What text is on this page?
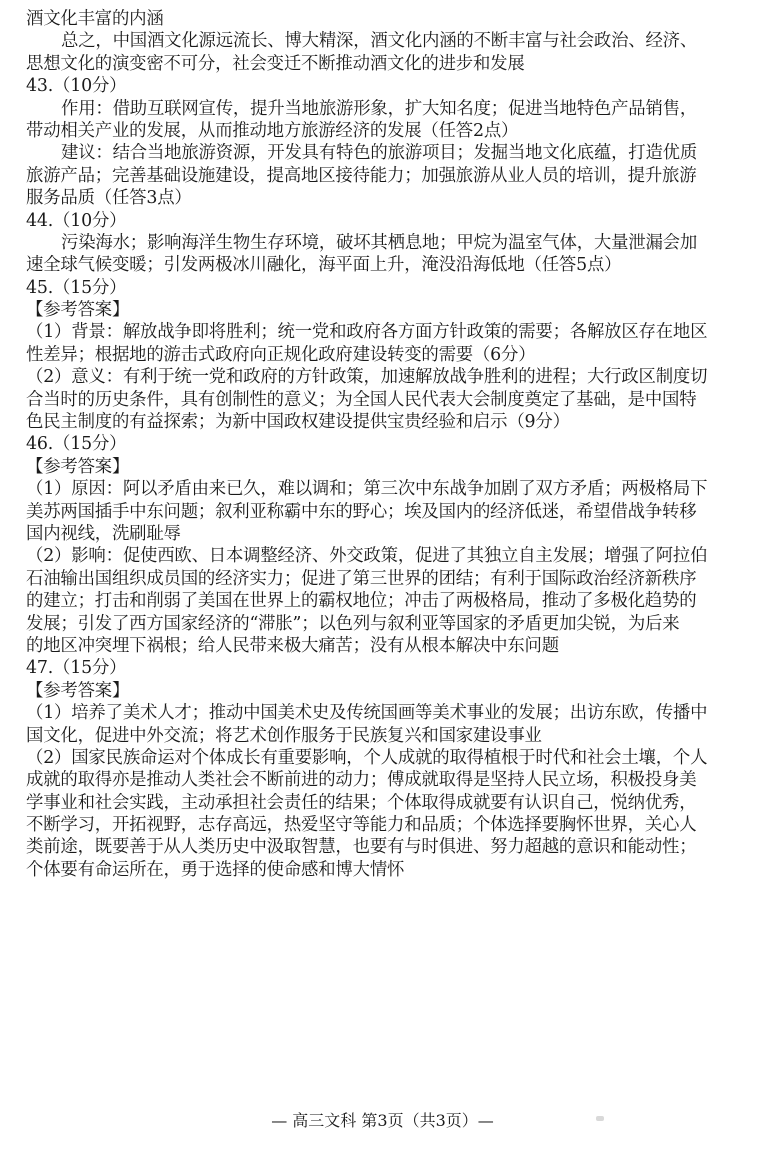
酒文化丰富的内涵
总之，中国酒文化源远流长、博大精深，酒文化内涵的不断丰富与社会政治、经济、
思想文化的演变密不可分，社会变迁不断推动酒文化的进步和发展
43.（10分）
作用：借助互联网宣传，提升当地旅游形象，扩大知名度；促进当地特色产品销售，
带动相关产业的发展，从而推动地方旅游经济的发展（任答2点）
建议：结合当地旅游资源，开发具有特色的旅游项目；发掘当地文化底蕴，打造优质
旅游产品；完善基础设施建设，提高地区接待能力；加强旅游从业人员的培训，提升旅游
服务品质（任答3点）
44.（10分）
污染海水；影响海洋生物生存环境，破坏其栖息地；甲烷为温室气体，大量泄漏会加
速全球气候变暖；引发两极冰川融化，海平面上升，淹没沿海低地（任答5点）
45.（15分）
【参考答案】
（1）背景：解放战争即将胜利；统一党和政府各方面方针政策的需要；各解放区存在地区
性差异；根据地的游击式政府向正规化政府建设转变的需要（6分）
（2）意义：有利于统一党和政府的方针政策，加速解放战争胜利的进程；大行政区制度切
合当时的历史条件，具有创制性的意义；为全国人民代表大会制度奠定了基础，是中国特
色民主制度的有益探索；为新中国政权建设提供宝贵经验和启示（9分）
46.（15分）
【参考答案】
（1）原因：阿以矛盾由来已久，难以调和；第三次中东战争加剧了双方矛盾；两极格局下
美苏两国插手中东问题；叙利亚称霸中东的野心；埃及国内的经济低迷，希望借战争转移
国内视线，洗刷耻辱
（2）影响：促使西欧、日本调整经济、外交政策，促进了其独立自主发展；增强了阿拉伯
石油输出国组织成员国的经济实力；促进了第三世界的团结；有利于国际政治经济新秩序
的建立；打击和削弱了美国在世界上的霸权地位；冲击了两极格局，推动了多极化趋势的
发展；引发了西方国家经济的“滞胀”；以色列与叙利亚等国家的矛盾更加尖锐，为后来
的地区冲突埋下祸根；给人民带来极大痛苦；没有从根本解决中东问题
47.（15分）
【参考答案】
（1）培养了美术人才；推动中国美术史及传统国画等美术事业的发展；出访东欧，传播中
国文化，促进中外交流；将艺术创作服务于民族复兴和国家建设事业
（2）国家民族命运对个体成长有重要影响，个人成就的取得植根于时代和社会土壤，个人
成就的取得亦是推动人类社会不断前进的动力；傅成就取得是坚持人民立场，积极投身美
学事业和社会实践，主动承担社会责任的结果；个体取得成就要有认识自己，悦纳优秀，
不断学习，开拓视野，志存高远，热爱坚守等能力和品质；个体选择要胸怀世界，关心人
类前途，既要善于从人类历史中汲取智慧，也要有与时俱进、努力超越的意识和能动性；
个体要有命运所在，勇于选择的使命感和博大情怀
— 高三文科 第3页（共3页）—
